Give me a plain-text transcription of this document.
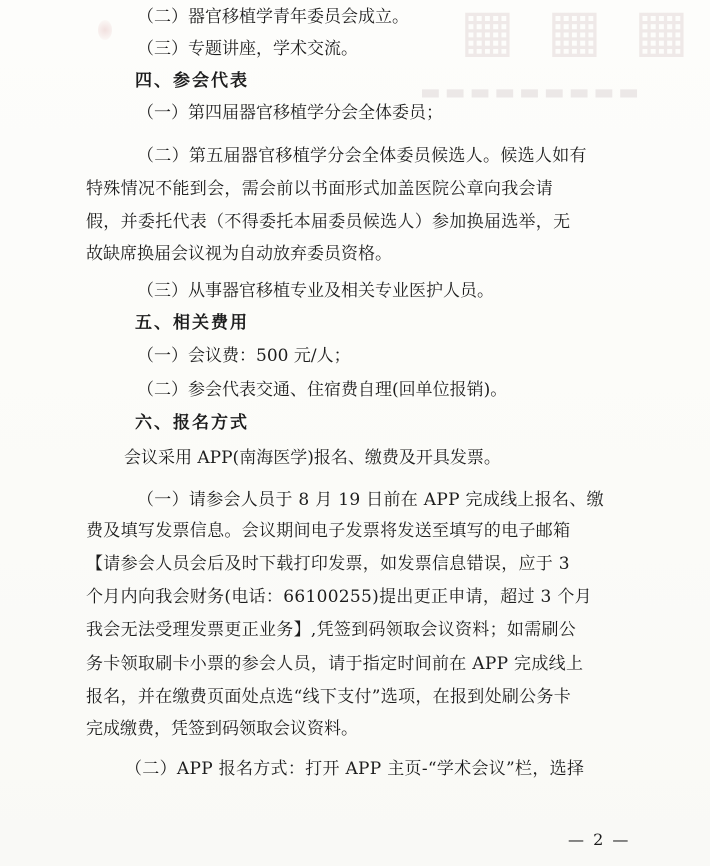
▦ ▦ ▦
▬▬▬▬▬▬▬▬▬
（二）器官移植学青年委员会成立。
（三）专题讲座，学术交流。
四、参会代表
（一）第四届器官移植学分会全体委员；
（二）第五届器官移植学分会全体委员候选人。候选人如有
特殊情况不能到会，需会前以书面形式加盖医院公章向我会请
假，并委托代表（不得委托本届委员候选人）参加换届选举，无
故缺席换届会议视为自动放弃委员资格。
（三）从事器官移植专业及相关专业医护人员。
五、相关费用
（一）会议费：500 元/人；
（二）参会代表交通、住宿费自理(回单位报销)。
六、报名方式
会议采用 APP(南海医学)报名、缴费及开具发票。
（一）请参会人员于 8 月 19 日前在 APP 完成线上报名、缴
费及填写发票信息。会议期间电子发票将发送至填写的电子邮箱
【请参会人员会后及时下载打印发票，如发票信息错误，应于 3
个月内向我会财务(电话：66100255)提出更正申请，超过 3 个月
我会无法受理发票更正业务】,凭签到码领取会议资料；如需刷公
务卡领取刷卡小票的参会人员，请于指定时间前在 APP 完成线上
报名，并在缴费页面处点选“线下支付”选项，在报到处刷公务卡
完成缴费，凭签到码领取会议资料。
（二）APP 报名方式：打开 APP 主页-“学术会议”栏，选择
— 2 —
